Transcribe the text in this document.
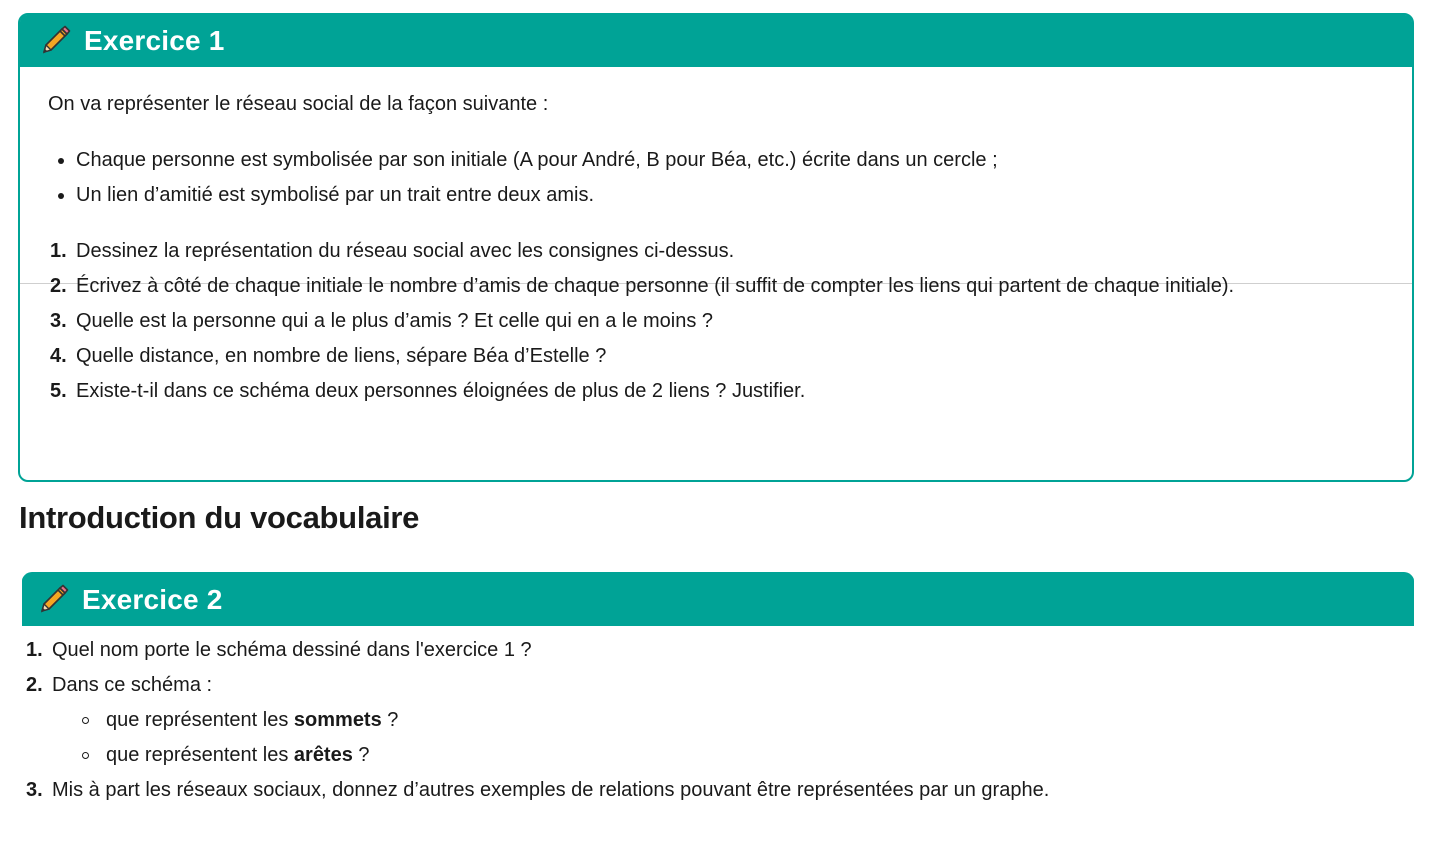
Exercice 1
On va représenter le réseau social de la façon suivante :
Chaque personne est symbolisée par son initiale (A pour André, B pour Béa, etc.) écrite dans un cercle ;
Un lien d’amitié est symbolisé par un trait entre deux amis.
1. Dessinez la représentation du réseau social avec les consignes ci-dessus.
2. Écrivez à côté de chaque initiale le nombre d’amis de chaque personne (il suffit de compter les liens qui partent de chaque initiale).
3. Quelle est la personne qui a le plus d’amis ? Et celle qui en a le moins ?
4. Quelle distance, en nombre de liens, sépare Béa d’Estelle ?
5. Existe-t-il dans ce schéma deux personnes éloignées de plus de 2 liens ? Justifier.
Introduction du vocabulaire
Exercice 2
1. Quel nom porte le schéma dessiné dans l'exercice 1 ?
2. Dans ce schéma :
que représentent les sommets ?
que représentent les arêtes ?
3. Mis à part les réseaux sociaux, donnez d’autres exemples de relations pouvant être représentées par un graphe.
